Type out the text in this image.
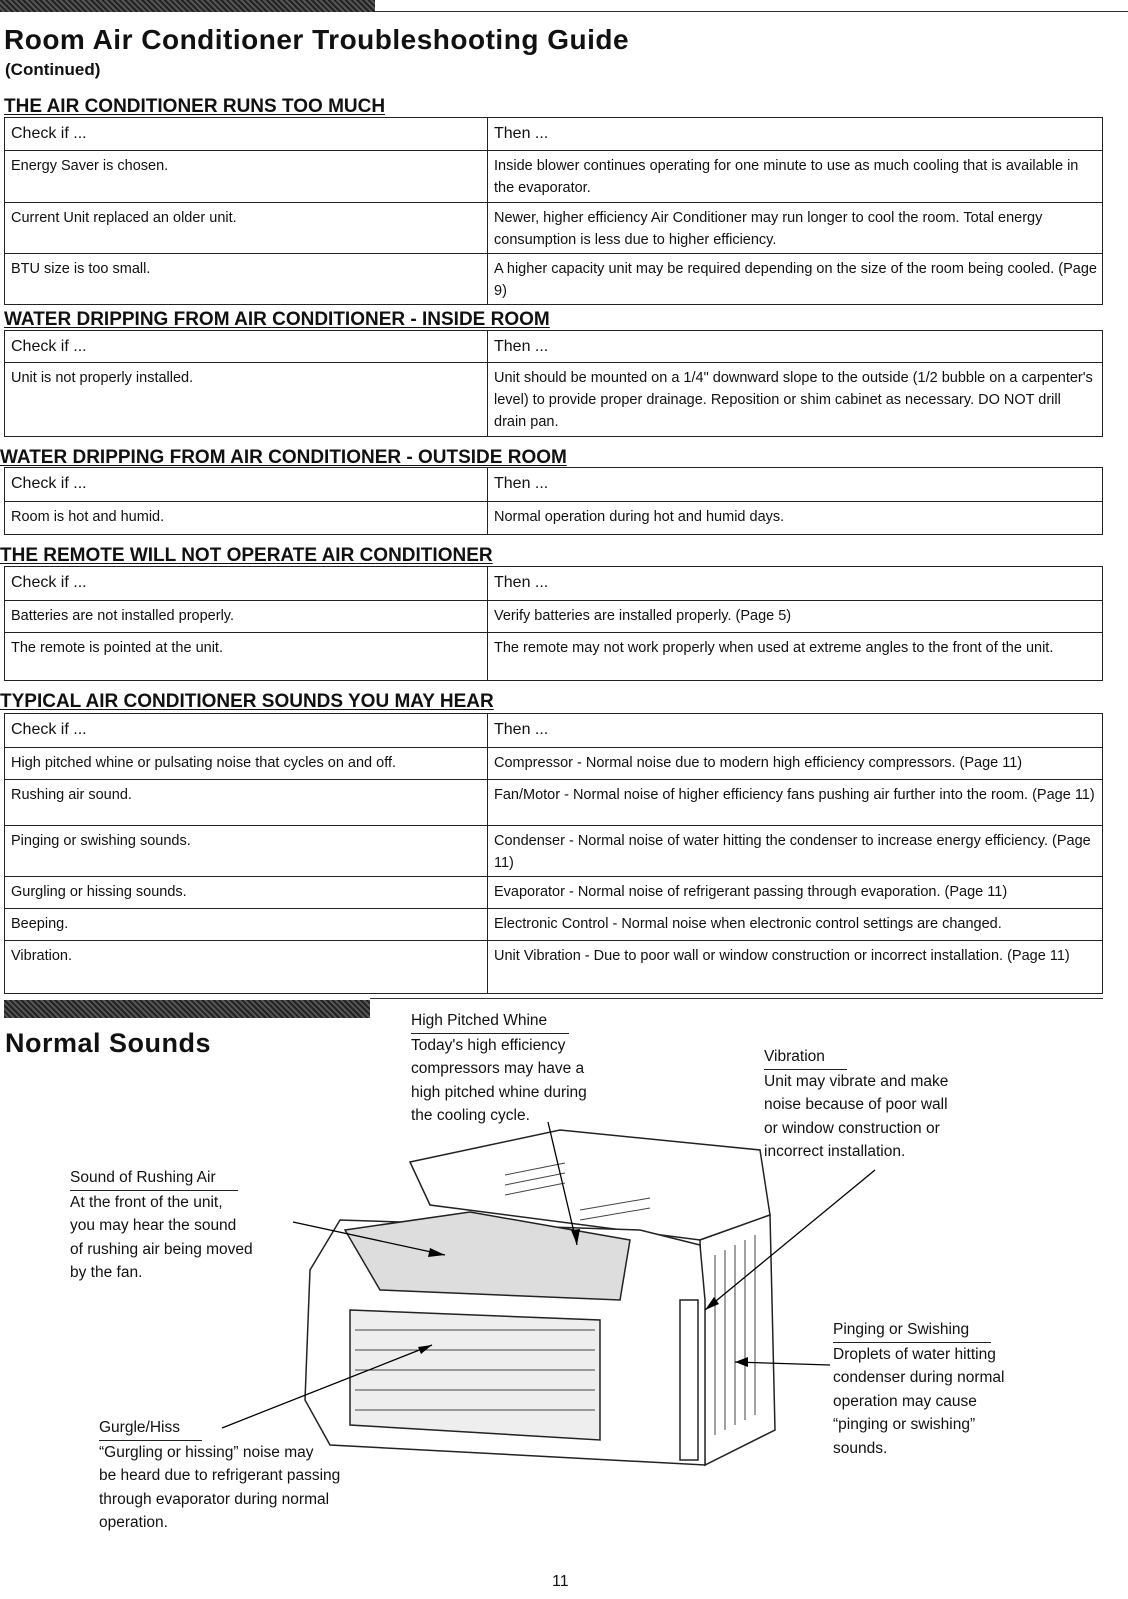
Room Air Conditioner Troubleshooting Guide
(Continued)
THE AIR CONDITIONER RUNS TOO MUCH
Check if ...	Then ...
Energy Saver is chosen.	Inside blower continues operating for one minute to use as much cooling that is available in the evaporator.
Current Unit replaced an older unit.	Newer, higher efficiency Air Conditioner may run longer to cool the room. Total energy consumption is less due to higher efficiency.
BTU size is too small.	A higher capacity unit may be required depending on the size of the room being cooled. (Page 9)
WATER DRIPPING FROM AIR CONDITIONER - INSIDE ROOM
Check if ...	Then ...
Unit is not properly installed.	Unit should be mounted on a 1/4" downward slope to the outside (1/2 bubble on a carpenter's level) to provide proper drainage. Reposition or shim cabinet as necessary. DO NOT drill drain pan.
WATER DRIPPING FROM AIR CONDITIONER - OUTSIDE ROOM
Check if ...	Then ...
Room is hot and humid.	Normal operation during hot and humid days.
THE REMOTE WILL NOT OPERATE AIR CONDITIONER
Check if ...	Then ...
Batteries are not installed properly.	Verify batteries are installed properly. (Page 5)
The remote is pointed at the unit.	The remote may not work properly when used at extreme angles to the front of the unit.
TYPICAL AIR CONDITIONER SOUNDS YOU MAY HEAR
Check if ...	Then ...
High pitched whine or pulsating noise that cycles on and off.	Compressor - Normal noise due to modern high efficiency compressors. (Page 11)
Rushing air sound.	Fan/Motor - Normal noise of higher efficiency fans pushing air further into the room. (Page 11)
Pinging or swishing sounds.	Condenser - Normal noise of water hitting the condenser to increase energy efficiency. (Page 11)
Gurgling or hissing sounds.	Evaporator - Normal noise of refrigerant passing through evaporation. (Page 11)
Beeping.	Electronic Control - Normal noise when electronic control settings are changed.
Vibration.	Unit Vibration - Due to poor wall or window construction or incorrect installation. (Page 11)
Normal Sounds
High Pitched Whine
Today's high efficiency
compressors may have a
high pitched whine during
the cooling cycle.
Vibration
Unit may vibrate and make
noise because of poor wall
or window construction or
incorrect installation.
Sound of Rushing Air
At the front of the unit,
you may hear the sound
of rushing air being moved
by the fan.
Pinging or Swishing
Droplets of water hitting
condenser during normal
operation may cause
“pinging or swishing”
sounds.
Gurgle/Hiss
“Gurgling or hissing” noise may
be heard due to refrigerant passing
through evaporator during normal
operation.
11
